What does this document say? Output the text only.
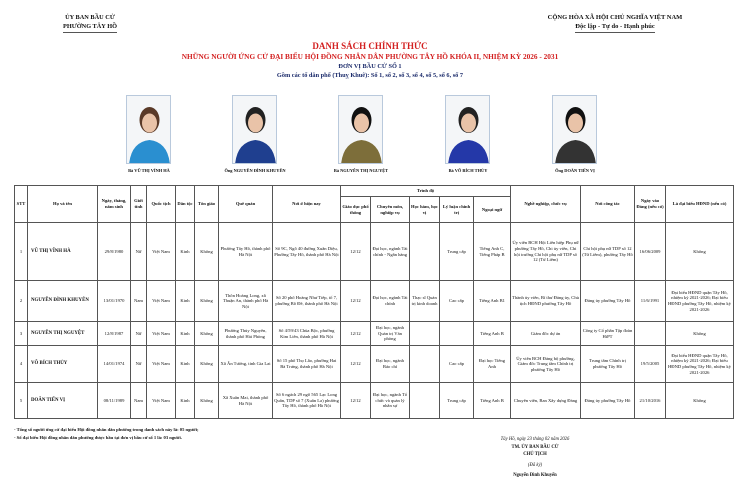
ỦY BAN BẦU CỬ
PHƯỜNG TÂY HỒ
CỘNG HÒA XÃ HỘI CHỦ NGHĨA VIỆT NAM
Độc lập - Tự do - Hạnh phúc
DANH SÁCH CHÍNH THỨC
NHỮNG NGƯỜI ỨNG CỬ ĐẠI BIỂU HỘI ĐỒNG NHÂN DÂN PHƯỜNG TÂY HỒ KHÓA II, NHIỆM KỲ 2026 - 2031
ĐƠN VỊ BẦU CỬ SỐ 1
Gồm các tổ dân phố (Thuỵ Khuê): Số 1, số 2, số 3, số 4, số 5, số 6, số 7
Bà VŨ THỊ VĨNH HÀ	Ông NGUYỄN ĐÌNH KHUYÊN	Bà NGUYỄN THỊ NGUYỆT	Bà VÕ BÍCH THỦY	Ông DOÃN TIẾN VỊ
STT	Họ và tên	Ngày, tháng, năm sinh	Giới tính	Quốc tịch	Dân tộc	Tôn giáo	Quê quán	Nơi ở hiện nay	Trình độ					Nghề nghiệp, chức vụ	Nơi công tác	Ngày vào Đảng (nếu có)	Là đại biểu HĐND (nếu có)
									Giáo dục phổ thông	Chuyên môn, nghiệp vụ	Học hàm, học vị	Lý luận chính trị	Ngoại ngữ				
1	VŨ THỊ VĨNH HÀ	29/8/1980	Nữ	Việt Nam	Kinh	Không	Phường Tây Hồ, thành phố Hà Nội	Số 9C, Ngõ 40 đường Xuân Diệu, Phường Tây Hồ, thành phố Hà Nội	12/12	Đại học, ngành Tài chính - Ngân hàng		Trung cấp	Tiếng Anh C, Tiếng Pháp B	Ủy viên BCH Hội Liên hiệp Phụ nữ phường Tây Hồ, Chi ủy viên, Chi hội trưởng Chi hội phụ nữ TDP số 12 (Từ Liêm)	Chi hội phụ nữ TDP số 12 (Từ Liêm), phường Tây Hồ	16/06/2009	Không
2	NGUYỄN ĐÌNH KHUYÊN	13/01/1970	Nam	Việt Nam	Kinh	Không	Thôn Hoàng Long, xã Thuận An, thành phố Hà Nội	Số 20 phố Hoàng Như Tiếp, tổ 7, phường Bồ Đề, thành phố Hà Nội	12/12	Đại học, ngành Tài chính	Thạc sĩ Quản trị kinh doanh	Cao cấp	Tiếng Anh B1	Thành ủy viên, Bí thư Đảng ủy, Chủ tịch HĐND phường Tây Hồ	Đảng ủy phường Tây Hồ	11/6/1991	Đại biểu HĐND quận Tây Hồ, nhiệm kỳ 2021-2026; Đại biểu HĐND phường Tây Hồ, nhiệm kỳ 2021-2026
3	NGUYỄN THỊ NGUYỆT	12/8/1987	Nữ	Việt Nam	Kinh	Không	Phường Thủy Nguyên, thành phố Hải Phòng	Số 4/59/43 Chùa Bộc, phường Kim Liên, thành phố Hà Nội	12/12	Đại học, ngành Quản trị Văn phòng			Tiếng Anh B	Giám đốc dự án	Công ty Cổ phần Tập đoàn HiPT		Không
4	VÕ BÍCH THỦY	14/01/1974	Nữ	Việt Nam	Kinh	Không	Xã Ân Tường, tỉnh Gia Lai	Số 15 phố Thọ Lão, phường Hai Bà Trưng, thành phố Hà Nội	12/12	Đại học, ngành Báo chí		Cao cấp	Đại học Tiếng Anh	Ủy viên BCH Đảng bộ phường, Giám đốc Trung tâm Chính trị phường Tây Hồ	Trung tâm Chính trị phường Tây Hồ	19/5/2005	Đại biểu HĐND quận Tây Hồ, nhiệm kỳ 2021-2026; Đại biểu HĐND phường Tây Hồ, nhiệm kỳ 2021-2026
5	DOÃN TIẾN VỊ	08/11/1989	Nam	Việt Nam	Kinh	Không	Xã Xuân Mai, thành phố Hà Nội	Số 6 ngách 29 ngõ 565 Lạc Long Quân, TDP số 7 (Xuân La) phường Tây Hồ, thành phố Hà Nội	12/12	Đại học, ngành Tổ chức và quản lý nhân sự		Trung cấp	Tiếng Anh B	Chuyên viên, Ban Xây dựng Đảng	Đảng ủy phường Tây Hồ	21/10/2016	Không
- Tổng số người ứng cử đại biểu Hội đồng nhân dân phường trong danh sách này là: 05 người;
- Số đại biểu Hội đồng nhân dân phường được bầu tại đơn vị bầu cử số 1 là: 03 người.	Tây Hồ, ngày 23 tháng 02 năm 2026
TM. ỦY BAN BẦU CỬ
CHỦ TỊCH
(Đã ký)
Nguyễn Đình Khuyến
